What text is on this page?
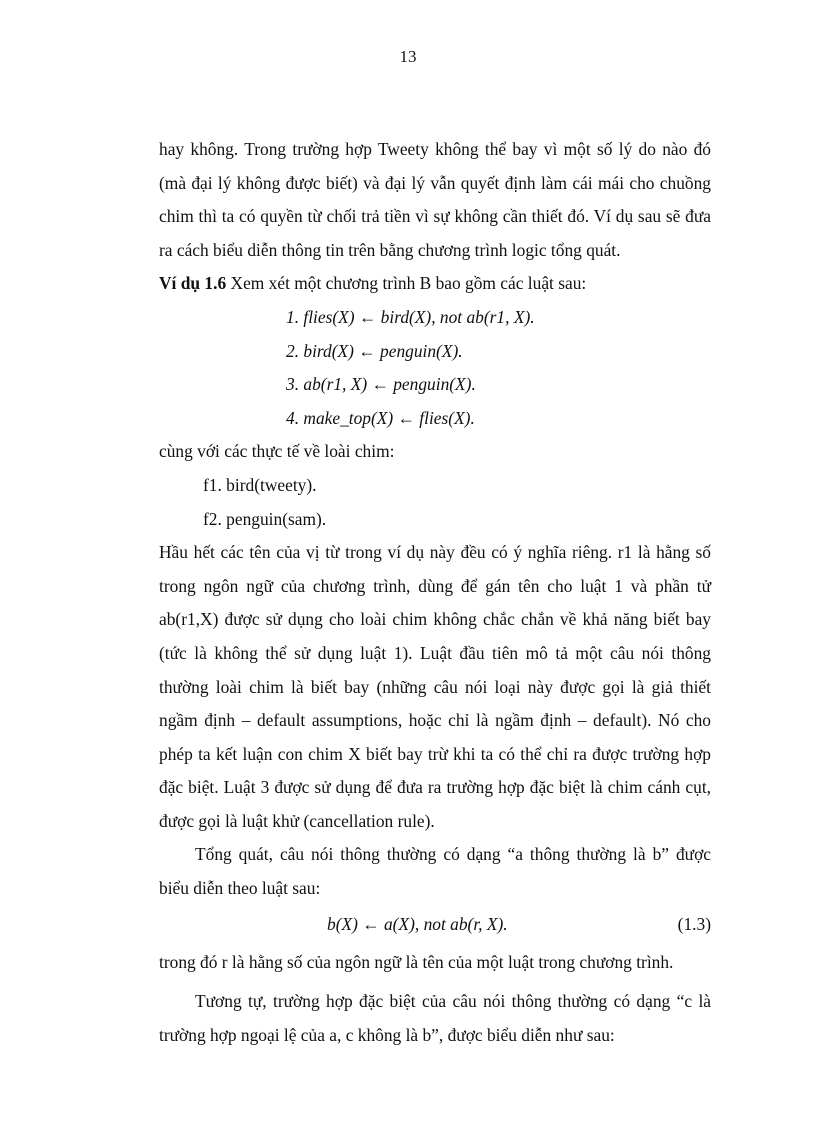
13

hay không. Trong trường hợp Tweety không thể bay vì một số lý do nào đó

(mà đại lý không được biết) và đại lý vẫn quyết định làm cái mái cho chuồng

chim thì ta có quyền từ chối trả tiền vì sự không cần thiết đó. Ví dụ sau sẽ đưa

ra cách biểu diễn thông tin trên bằng chương trình logic tổng quát.

Ví dụ 1.6 Xem xét một chương trình B bao gồm các luật sau:

1. flies(X) ← bird(X), not ab(r1, X).
2. bird(X) ← penguin(X).
3. ab(r1, X) ← penguin(X).
4. make_top(X) ← flies(X).

cùng với các thực tế về loài chim:

f1. bird(tweety).

f2. penguin(sam).

Hầu hết các tên của vị từ trong ví dụ này đều có ý nghĩa riêng. r1 là hằng số

trong ngôn ngữ của chương trình, dùng để gán tên cho luật 1 và phần tử

ab(r1,X) được sử dụng cho loài chim không chắc chắn về khả năng biết bay

(tức là không thể sử dụng luật 1). Luật đầu tiên mô tả một câu nói thông

thường loài chim là biết bay (những câu nói loại này được gọi là giả thiết

ngầm định – default assumptions, hoặc chỉ là ngầm định – default). Nó cho

phép ta kết luận con chim X biết bay trừ khi ta có thể chỉ ra được trường hợp

đặc biệt. Luật 3 được sử dụng để đưa ra trường hợp đặc biệt là chim cánh cụt,

được gọi là luật khử (cancellation rule).

Tổng quát, câu nói thông thường có dạng “a thông thường là b” được

biểu diễn theo luật sau:

b(X) ← a(X), not ab(r, X).	(1.3)

trong đó r là hằng số của ngôn ngữ là tên của một luật trong chương trình.

Tương tự, trường hợp đặc biệt của câu nói thông thường có dạng “c là

trường hợp ngoại lệ của a, c không là b”, được biểu diễn như sau:
